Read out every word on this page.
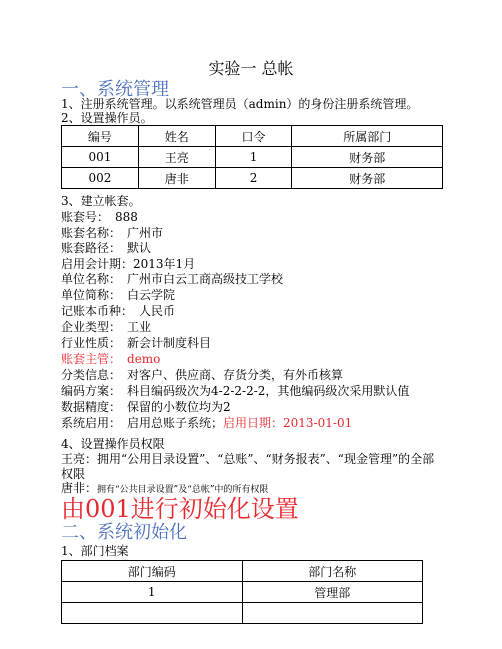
实验一 总帐
一、系统管理
1、注册系统管理。以系统管理员（admin）的身份注册系统管理。
2、设置操作员。
编号	姓名	口令	所属部门
001	王亮	1	财务部
002	唐非	2	财务部
3、建立帐套。
账套号： 888
账套名称： 广州市
账套路径： 默认
启用会计期：2013年1月
单位名称： 广州市白云工商高级技工学校
单位简称： 白云学院
记账本币种： 人民币
企业类型： 工业
行业性质： 新会计制度科目
账套主管： demo
分类信息： 对客户、供应商、存货分类，有外币核算
编码方案： 科目编码级次为4-2-2-2-2，其他编码级次采用默认值
数据精度： 保留的小数位均为2
系统启用： 启用总账子系统；启用日期：2013-01-01
4、设置操作员权限
王亮：拥用“公用目录设置”、“总账”、“财务报表”、“现金管理”的全部
权限
唐非：拥有“公共目录设置”及“总帐”中的所有权限
由001进行初始化设置
二、系统初始化
1、部门档案
部门编码	部门名称
1	管理部
